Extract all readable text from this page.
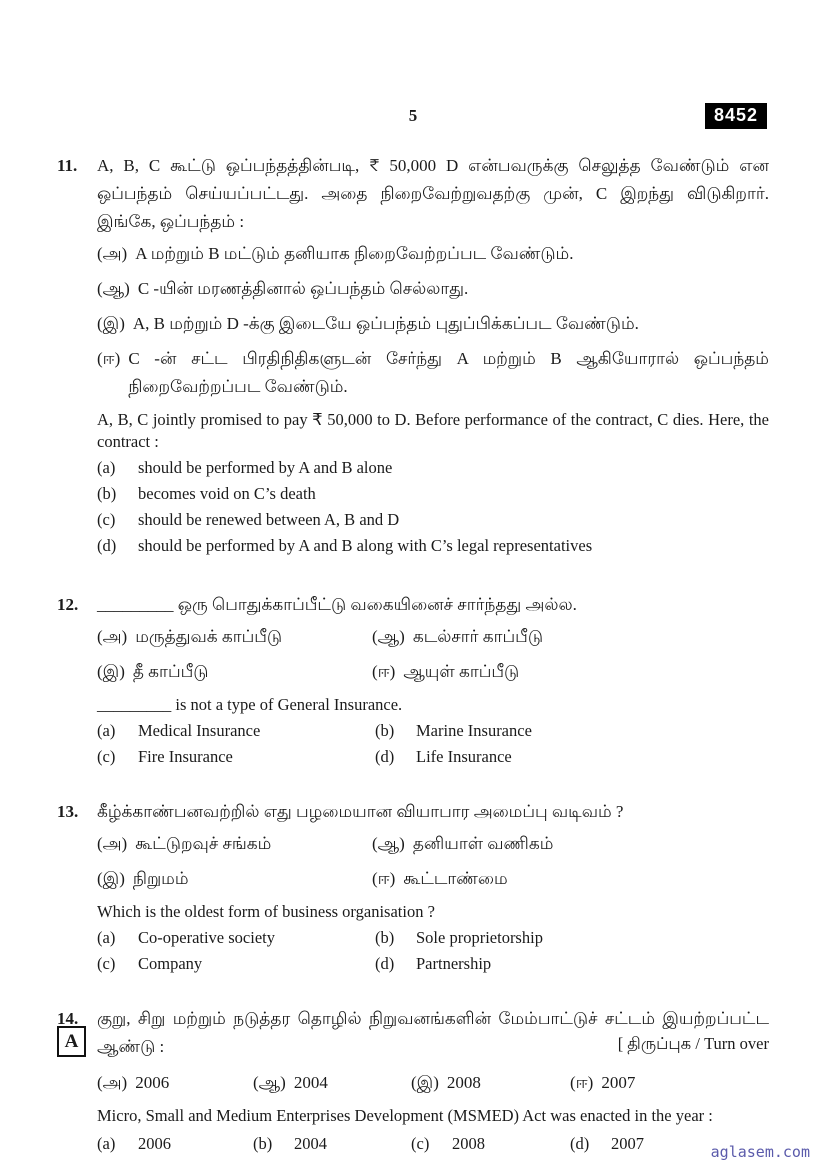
5	8452
11.	A, B, C கூட்டு ஒப்பந்தத்தின்படி, ₹ 50,000 D என்பவருக்கு செலுத்த வேண்டும் என ஒப்பந்தம் செய்யப்பட்டது. அதை நிறைவேற்றுவதற்கு முன், C இறந்து விடுகிறார். இங்கே, ஒப்பந்தம் :

(அ) A மற்றும் B மட்டும் தனியாக நிறைவேற்றப்பட வேண்டும்.
(ஆ) C -யின் மரணத்தினால் ஒப்பந்தம் செல்லாது.
(இ) A, B மற்றும் D -க்கு இடையே ஒப்பந்தம் புதுப்பிக்கப்பட வேண்டும்.
(ஈ) C -ன் சட்ட பிரதிநிதிகளுடன் சேர்ந்து A மற்றும் B ஆகியோரால் ஒப்பந்தம் நிறைவேற்றப்பட வேண்டும்.

A, B, C jointly promised to pay ₹ 50,000 to D. Before performance of the contract, C dies. Here, the contract :

(a)	should be performed by A and B alone
(b)	becomes void on C’s death
(c)	should be renewed between A, B and D
(d)	should be performed by A and B along with C’s legal representatives
12.	_________ ஒரு பொதுக்காப்பீட்டு வகையினைச் சார்ந்தது அல்ல.

(அ) மருத்துவக் காப்பீடு	(ஆ) கடல்சார் காப்பீடு
(இ) தீ காப்பீடு	(ஈ) ஆயுள் காப்பீடு

_________ is not a type of General Insurance.

(a)	Medical Insurance	(b)	Marine Insurance
(c)	Fire Insurance	(d)	Life Insurance
13.	கீழ்க்காண்பனவற்றில் எது பழமையான வியாபார அமைப்பு வடிவம் ?

(அ) கூட்டுறவுச் சங்கம்	(ஆ) தனியாள் வணிகம்
(இ) நிறுமம்	(ஈ) கூட்டாண்மை

Which is the oldest form of business organisation ?

(a)	Co-operative society	(b)	Sole proprietorship
(c)	Company	(d)	Partnership
14.	குறு, சிறு மற்றும் நடுத்தர தொழில் நிறுவனங்களின் மேம்பாட்டுச் சட்டம் இயற்றப்பட்ட ஆண்டு :

(அ) 2006	(ஆ) 2004	(இ) 2008	(ஈ) 2007

Micro, Small and Medium Enterprises Development (MSMED) Act was enacted in the year :

(a)	2006	(b)	2004	(c)	2008	(d)	2007
A	[ திருப்புக / Turn over
aglasem.com
